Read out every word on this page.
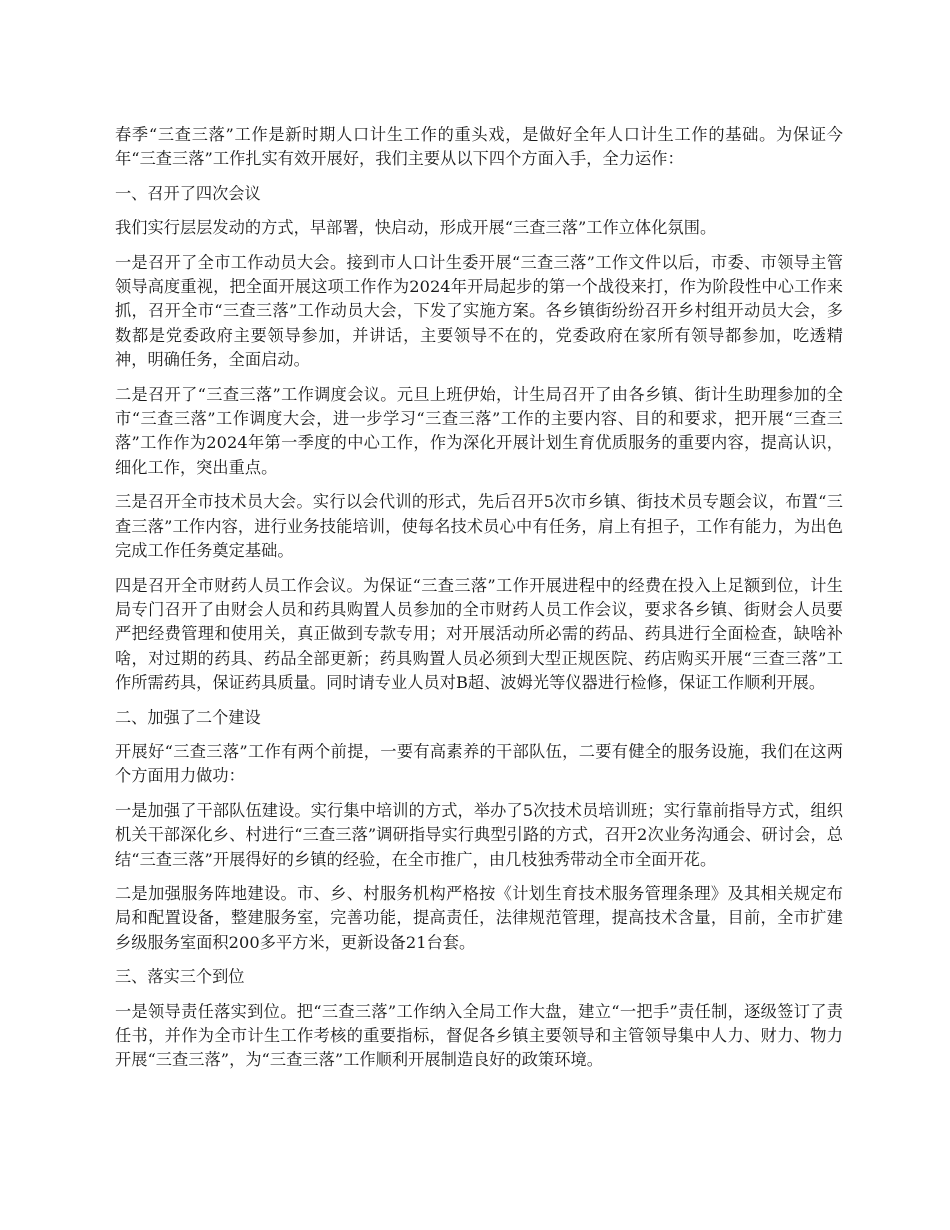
春季“三查三落”工作是新时期人口计生工作的重头戏，是做好全年人口计生工作的基础。为保证今年“三查三落”工作扎实有效开展好，我们主要从以下四个方面入手，全力运作：

一、召开了四次会议

我们实行层层发动的方式，早部署，快启动，形成开展“三查三落”工作立体化氛围。

一是召开了全市工作动员大会。接到市人口计生委开展“三查三落”工作文件以后，市委、市领导主管领导高度重视，把全面开展这项工作作为2024年开局起步的第一个战役来打，作为阶段性中心工作来抓，召开全市“三查三落”工作动员大会，下发了实施方案。各乡镇街纷纷召开乡村组开动员大会，多数都是党委政府主要领导参加，并讲话，主要领导不在的，党委政府在家所有领导都参加，吃透精神，明确任务，全面启动。

二是召开了“三查三落”工作调度会议。元旦上班伊始，计生局召开了由各乡镇、街计生助理参加的全市“三查三落”工作调度大会，进一步学习“三查三落”工作的主要内容、目的和要求，把开展“三查三落”工作作为2024年第一季度的中心工作，作为深化开展计划生育优质服务的重要内容，提高认识，细化工作，突出重点。

三是召开全市技术员大会。实行以会代训的形式，先后召开5次市乡镇、街技术员专题会议，布置“三查三落”工作内容，进行业务技能培训，使每名技术员心中有任务，肩上有担子，工作有能力，为出色完成工作任务奠定基础。

四是召开全市财药人员工作会议。为保证“三查三落”工作开展进程中的经费在投入上足额到位，计生局专门召开了由财会人员和药具购置人员参加的全市财药人员工作会议，要求各乡镇、街财会人员要严把经费管理和使用关，真正做到专款专用；对开展活动所必需的药品、药具进行全面检查，缺啥补啥，对过期的药具、药品全部更新；药具购置人员必须到大型正规医院、药店购买开展“三查三落”工作所需药具，保证药具质量。同时请专业人员对B超、波姆光等仪器进行检修，保证工作顺利开展。

二、加强了二个建设

开展好“三查三落”工作有两个前提，一要有高素养的干部队伍，二要有健全的服务设施，我们在这两个方面用力做功：

一是加强了干部队伍建设。实行集中培训的方式，举办了5次技术员培训班；实行靠前指导方式，组织机关干部深化乡、村进行“三查三落”调研指导实行典型引路的方式，召开2次业务沟通会、研讨会，总结“三查三落”开展得好的乡镇的经验，在全市推广，由几枝独秀带动全市全面开花。

二是加强服务阵地建设。市、乡、村服务机构严格按《计划生育技术服务管理条理》及其相关规定布局和配置设备，整建服务室，完善功能，提高责任，法律规范管理，提高技术含量，目前，全市扩建乡级服务室面积200多平方米，更新设备21台套。

三、落实三个到位

一是领导责任落实到位。把“三查三落”工作纳入全局工作大盘，建立“一把手”责任制，逐级签订了责任书，并作为全市计生工作考核的重要指标，督促各乡镇主要领导和主管领导集中人力、财力、物力开展“三查三落”，为“三查三落”工作顺利开展制造良好的政策环境。
